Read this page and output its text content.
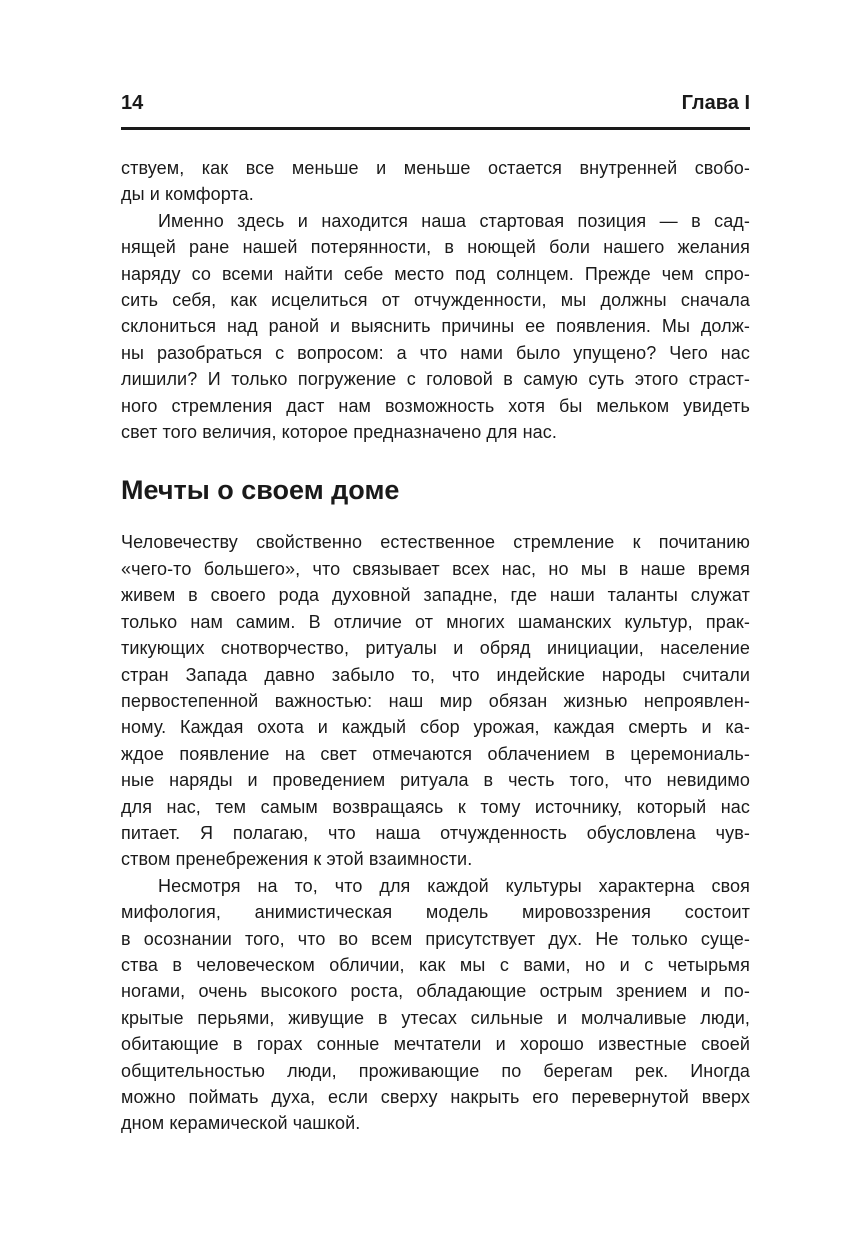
14	Глава I
ствуем, как все меньше и меньше остается внутренней свобо-
ды и комфорта.
Именно здесь и находится наша стартовая позиция — в сад-
нящей ране нашей потерянности, в ноющей боли нашего желания
наряду со всеми найти себе место под солнцем. Прежде чем спро-
сить себя, как исцелиться от отчужденности, мы должны сначала
склониться над раной и выяснить причины ее появления. Мы долж-
ны разобраться с вопросом: а что нами было упущено? Чего нас
лишили? И только погружение с головой в самую суть этого страст-
ного стремления даст нам возможность хотя бы мельком увидеть
свет того величия, которое предназначено для нас.
Мечты о своем доме
Человечеству свойственно естественное стремление к почитанию
«чего-то большего», что связывает всех нас, но мы в наше время
живем в своего рода духовной западне, где наши таланты служат
только нам самим. В отличие от многих шаманских культур, прак-
тикующих снотворчество, ритуалы и обряд инициации, население
стран Запада давно забыло то, что индейские народы считали
первостепенной важностью: наш мир обязан жизнью непроявлен-
ному. Каждая охота и каждый сбор урожая, каждая смерть и ка-
ждое появление на свет отмечаются облачением в церемониаль-
ные наряды и проведением ритуала в честь того, что невидимо
для нас, тем самым возвращаясь к тому источнику, который нас
питает. Я полагаю, что наша отчужденность обусловлена чув-
ством пренебрежения к этой взаимности.
Несмотря на то, что для каждой культуры характерна своя
мифология, анимистическая модель мировоззрения состоит
в осознании того, что во всем присутствует дух. Не только суще-
ства в человеческом обличии, как мы с вами, но и с четырьмя
ногами, очень высокого роста, обладающие острым зрением и по-
крытые перьями, живущие в утесах сильные и молчаливые люди,
обитающие в горах сонные мечтатели и хорошо известные своей
общительностью люди, проживающие по берегам рек. Иногда
можно поймать духа, если сверху накрыть его перевернутой вверх
дном керамической чашкой.
